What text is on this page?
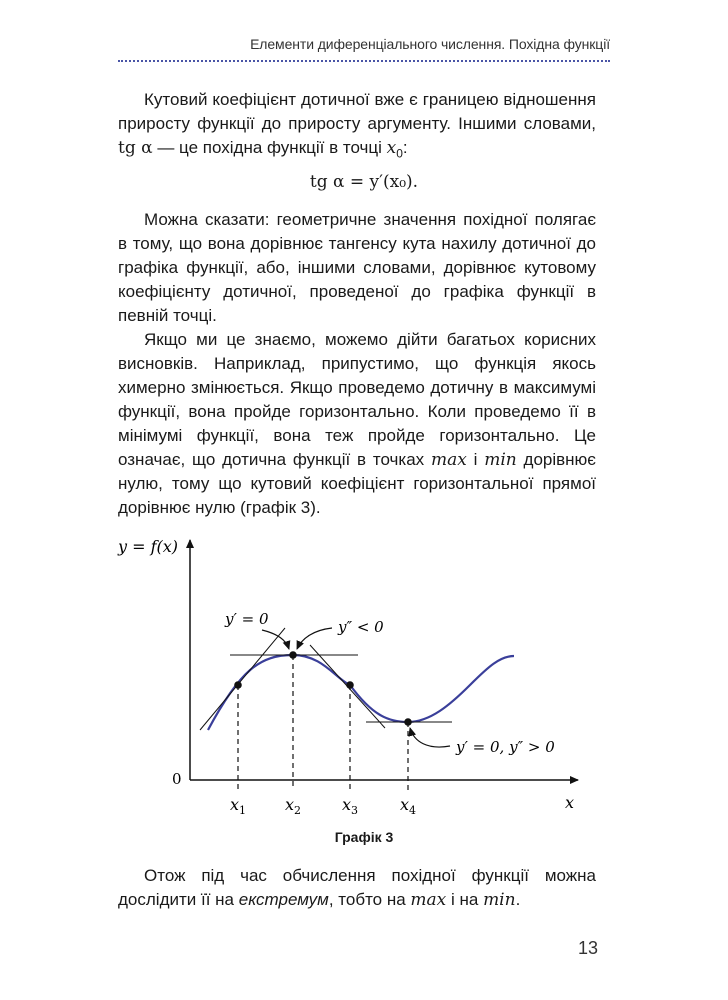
Елементи диференціального числення. Похідна функції

Кутовий коефіцієнт дотичної вже є границею відношення приросту функції до приросту аргументу. Іншими словами, tg α — це похідна функції в точці $x_0$:

tg α = y′(x₀).

Можна сказати: геометричне значення похідної полягає в тому, що вона дорівнює тангенсу кута нахилу дотичної до графіка функції, або, іншими словами, дорівнює кутовому коефіцієнту дотичної, проведеної до графіка функції в певній точці.

Якщо ми це знаємо, можемо дійти багатьох корисних висновків. Наприклад, припустимо, що функція якось химерно змінюється. Якщо проведемо дотичну в максимумі функції, вона пройде горизонтально. Коли проведемо її в мінімумі функції, вона теж пройде горизонтально. Це означає, що дотична функції в точках max і min дорівнює нулю, тому що кутовий коефіцієнт горизонтальної прямої дорівнює нулю (графік 3).

y = f(x)
0
x
$x_1$ $x_2$	$x_3$	$x_4$
y′ = 0	y″ < 0
y′ = 0, y″ > 0
Графік 3

Отож під час обчислення похідної функції можна дослідити її на екстремум, тобто на max і на min.

13
